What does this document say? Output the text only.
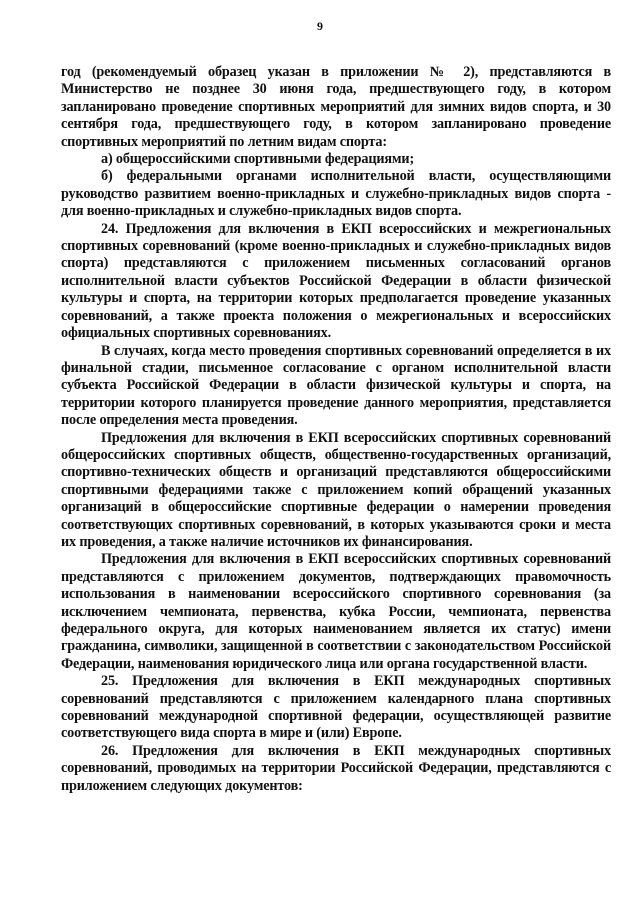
9

год (рекомендуемый образец указан в приложении № 2), представляются в Министерство не позднее 30 июня года, предшествующего году, в котором запланировано проведение спортивных мероприятий для зимних видов спорта, и 30 сентября года, предшествующего году, в котором запланировано проведение спортивных мероприятий по летним видам спорта:

а) общероссийскими спортивными федерациями;

б) федеральными органами исполнительной власти, осуществляющими руководство развитием военно-прикладных и служебно-прикладных видов спорта - для военно-прикладных и служебно-прикладных видов спорта.

24. Предложения для включения в ЕКП всероссийских и межрегиональных спортивных соревнований (кроме военно-прикладных и служебно-прикладных видов спорта) представляются с приложением письменных согласований органов исполнительной власти субъектов Российской Федерации в области физической культуры и спорта, на территории которых предполагается проведение указанных соревнований, а также проекта положения о межрегиональных и всероссийских официальных спортивных соревнованиях.

В случаях, когда место проведения спортивных соревнований определяется в их финальной стадии, письменное согласование с органом исполнительной власти субъекта Российской Федерации в области физической культуры и спорта, на территории которого планируется проведение данного мероприятия, представляется после определения места проведения.

Предложения для включения в ЕКП всероссийских спортивных соревнований общероссийских спортивных обществ, общественно-государственных организаций, спортивно-технических обществ и организаций представляются общероссийскими спортивными федерациями также с приложением копий обращений указанных организаций в общероссийские спортивные федерации о намерении проведения соответствующих спортивных соревнований, в которых указываются сроки и места их проведения, а также наличие источников их финансирования.

Предложения для включения в ЕКП всероссийских спортивных соревнований представляются с приложением документов, подтверждающих правомочность использования в наименовании всероссийского спортивного соревнования (за исключением чемпионата, первенства, кубка России, чемпионата, первенства федерального округа, для которых наименованием является их статус) имени гражданина, символики, защищенной в соответствии с законодательством Российской Федерации, наименования юридического лица или органа государственной власти.

25. Предложения для включения в ЕКП международных спортивных соревнований представляются с приложением календарного плана спортивных соревнований международной спортивной федерации, осуществляющей развитие соответствующего вида спорта в мире и (или) Европе.

26. Предложения для включения в ЕКП международных спортивных соревнований, проводимых на территории Российской Федерации, представляются с приложением следующих документов:
